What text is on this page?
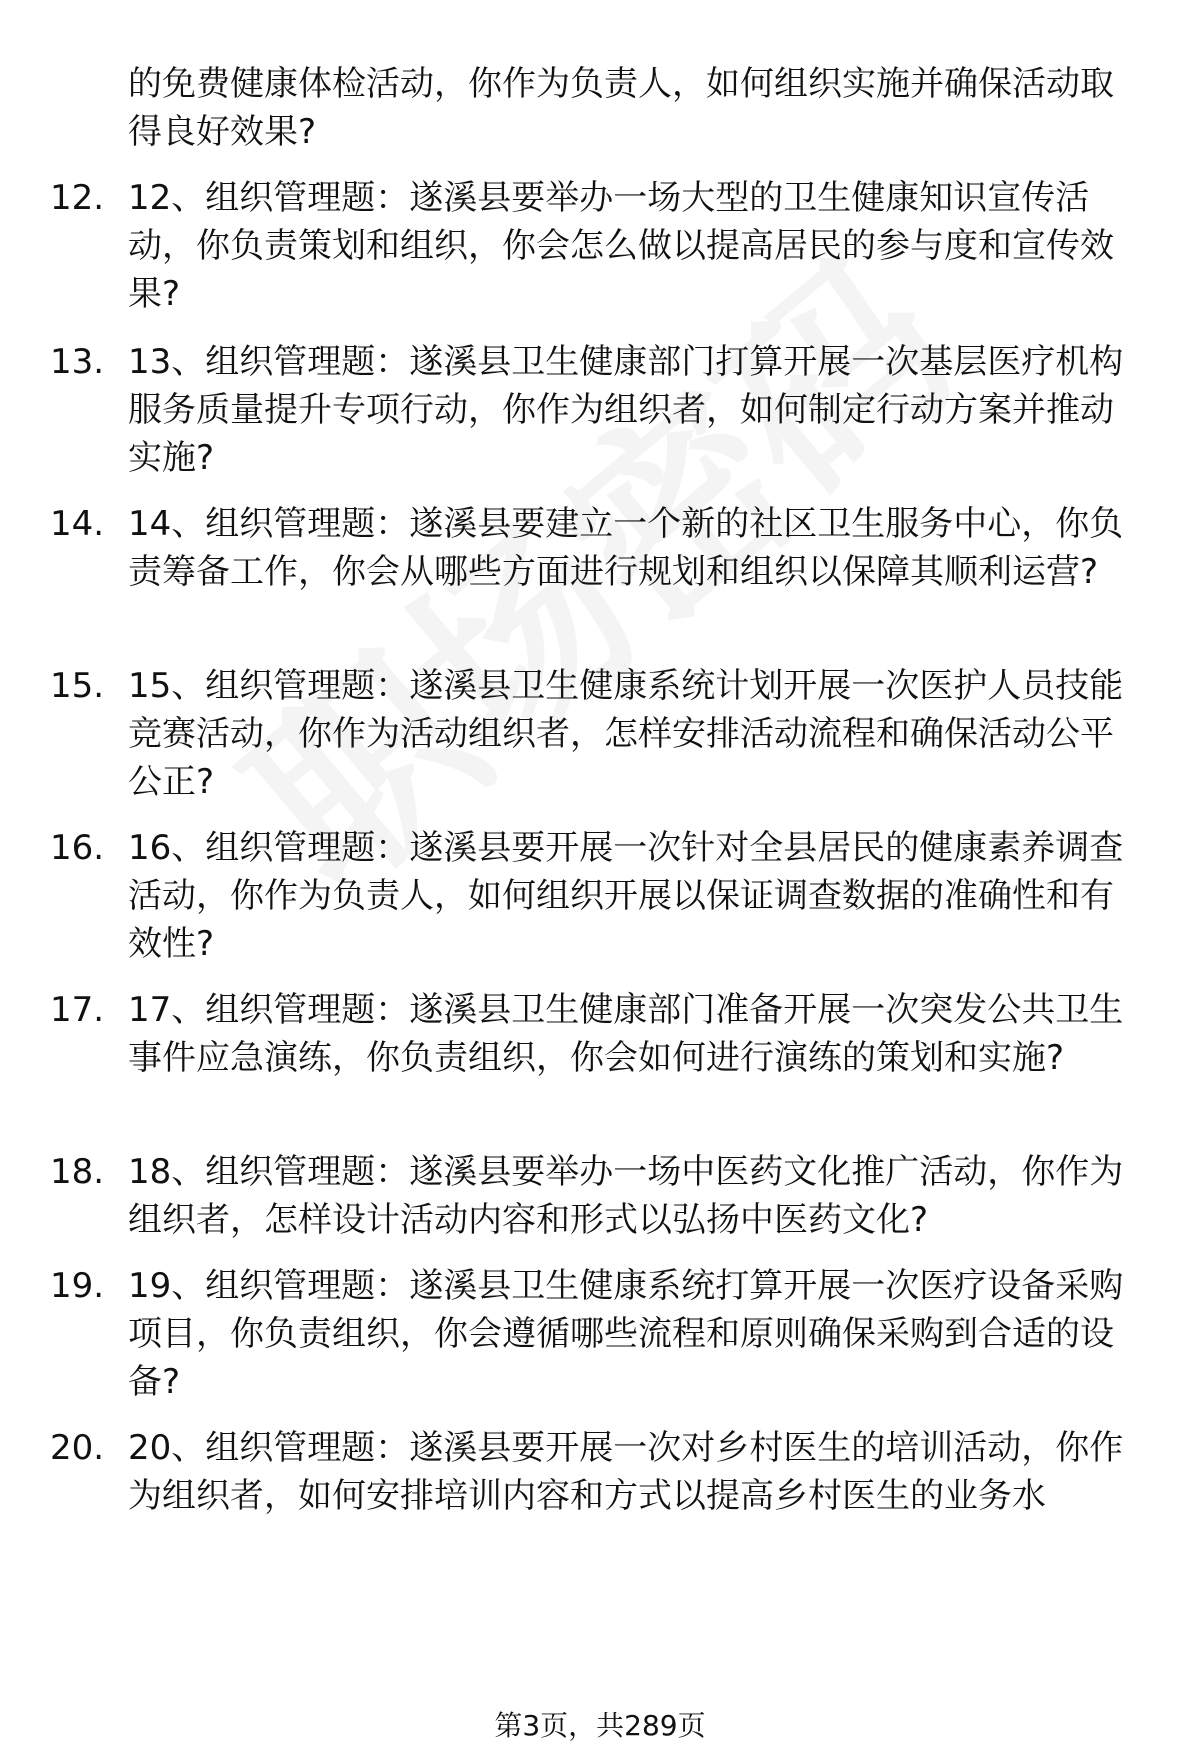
的免费健康体检活动，你作为负责人，如何组织实施并确保活动取得良好效果?
12. 12、组织管理题：遂溪县要举办一场大型的卫生健康知识宣传活动，你负责策划和组织，你会怎么做以提高居民的参与度和宣传效果?
13. 13、组织管理题：遂溪县卫生健康部门打算开展一次基层医疗机构服务质量提升专项行动，你作为组织者，如何制定行动方案并推动实施?
14. 14、组织管理题：遂溪县要建立一个新的社区卫生服务中心，你负责筹备工作，你会从哪些方面进行规划和组织以保障其顺利运营?
15. 15、组织管理题：遂溪县卫生健康系统计划开展一次医护人员技能竞赛活动，你作为活动组织者，怎样安排活动流程和确保活动公平公正?
16. 16、组织管理题：遂溪县要开展一次针对全县居民的健康素养调查活动，你作为负责人，如何组织开展以保证调查数据的准确性和有效性?
17. 17、组织管理题：遂溪县卫生健康部门准备开展一次突发公共卫生事件应急演练，你负责组织，你会如何进行演练的策划和实施?
18. 18、组织管理题：遂溪县要举办一场中医药文化推广活动，你作为组织者，怎样设计活动内容和形式以弘扬中医药文化?
19. 19、组织管理题：遂溪县卫生健康系统打算开展一次医疗设备采购项目，你负责组织，你会遵循哪些流程和原则确保采购到合适的设备?
20. 20、组织管理题：遂溪县要开展一次对乡村医生的培训活动，你作为组织者，如何安排培训内容和方式以提高乡村医生的业务水
第3页，共289页
